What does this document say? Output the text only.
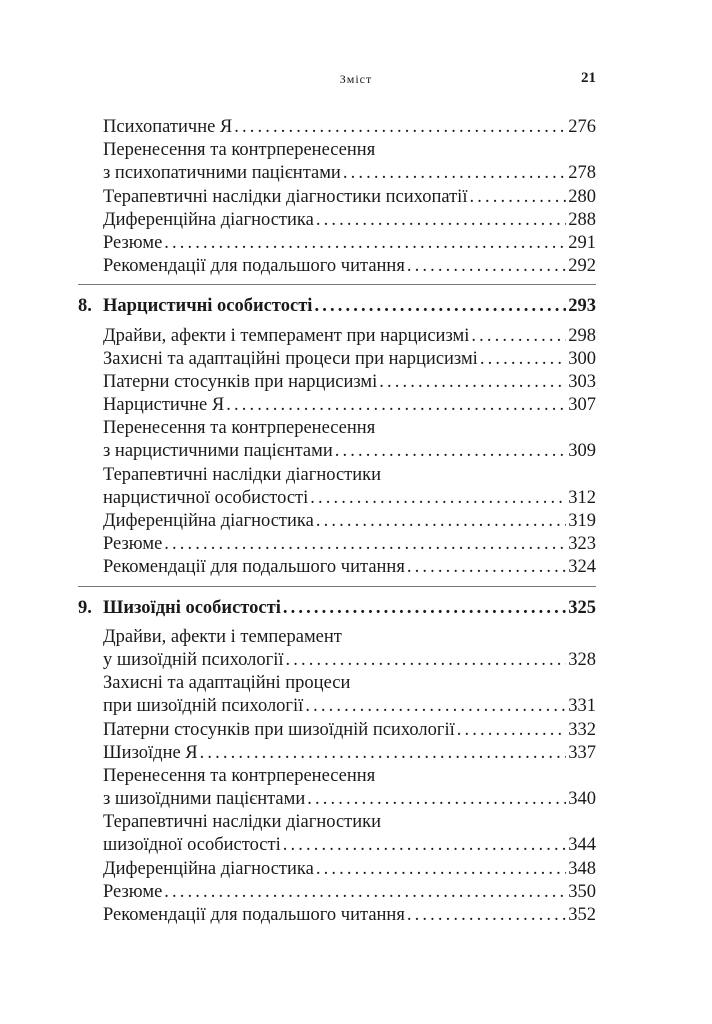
Зміст	21
Психопатичне Я . . .	276
Перенесення та контрперенесення
з психопатичними пацієнтами . . .	278
Терапевтичні наслідки діагностики психопатії . . .	280
Диференційна діагностика . . .	288
Резюме . . .	291
Рекомендації для подальшого читання . . .	292
8. Нарцистичні особистості . . .	293
Драйви, афекти і темперамент при нарцисизмі . . .	298
Захисні та адаптаційні процеси при нарцисизмі . . .	300
Патерни стосунків при нарцисизмі . . .	303
Нарцистичне Я . . .	307
Перенесення та контрперенесення
з нарцистичними пацієнтами . . .	309
Терапевтичні наслідки діагностики
нарцистичної особистості . . .	312
Диференційна діагностика . . .	319
Резюме . . .	323
Рекомендації для подальшого читання . . .	324
9. Шизоїдні особистості . . .	325
Драйви, афекти і темперамент
у шизоїдній психології . . .	328
Захисні та адаптаційні процеси
при шизоїдній психології . . .	331
Патерни стосунків при шизоїдній психології . . .	332
Шизоїдне Я . . .	337
Перенесення та контрперенесення
з шизоїдними пацієнтами . . .	340
Терапевтичні наслідки діагностики
шизоїдної особистості . . .	344
Диференційна діагностика . . .	348
Резюме . . .	350
Рекомендації для подальшого читання . . .	352
